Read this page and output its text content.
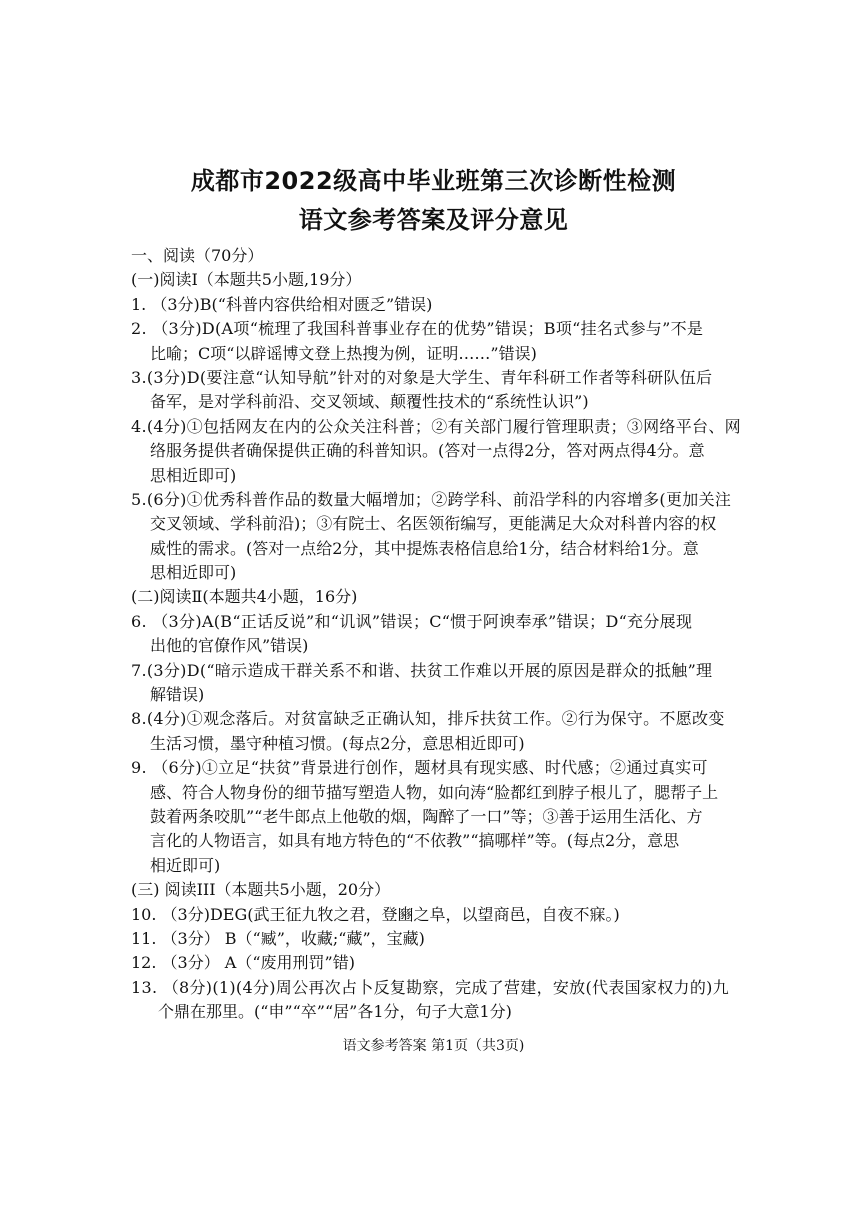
成都市2022级高中毕业班第三次诊断性检测
语文参考答案及评分意见
一、阅读（70分）
(一)阅读Ⅰ（本题共5小题,19分）
1. （3分)B(“科普内容供给相对匮乏”错误)
2. （3分)D(A项“梳理了我国科普事业存在的优势”错误；B项“挂名式参与”不是
比喻；C项“以辟谣博文登上热搜为例，证明……”错误)
3.(3分)D(要注意“认知导航”针对的对象是大学生、青年科研工作者等科研队伍后
备军，是对学科前沿、交叉领域、颠覆性技术的“系统性认识”)
4.(4分)①包括网友在内的公众关注科普；②有关部门履行管理职责；③网络平台、网
络服务提供者确保提供正确的科普知识。(答对一点得2分，答对两点得4分。意
思相近即可)
5.(6分)①优秀科普作品的数量大幅增加；②跨学科、前沿学科的内容增多(更加关注
交叉领域、学科前沿)；③有院士、名医领衔编写，更能满足大众对科普内容的权
威性的需求。(答对一点给2分，其中提炼表格信息给1分，结合材料给1分。意
思相近即可)
(二)阅读Ⅱ(本题共4小题，16分)
6. （3分)A(B“正话反说”和“讥讽”错误；C“惯于阿谀奉承”错误；D“充分展现
出他的官僚作风”错误)
7.(3分)D(“暗示造成干群关系不和谐、扶贫工作难以开展的原因是群众的抵触”理
解错误)
8.(4分)①观念落后。对贫富缺乏正确认知，排斥扶贫工作。②行为保守。不愿改变
生活习惯，墨守种植习惯。(每点2分，意思相近即可)
9. （6分)①立足“扶贫”背景进行创作，题材具有现实感、时代感；②通过真实可
感、符合人物身份的细节描写塑造人物，如向涛“脸都红到脖子根儿了，腮帮子上
鼓着两条咬肌”“老牛郎点上他敬的烟，陶醉了一口”等；③善于运用生活化、方
言化的人物语言，如具有地方特色的“不依教”“搞哪样”等。(每点2分，意思
相近即可)
(三) 阅读III（本题共5小题，20分）
10. （3分)DEG(武王征九牧之君，登豳之阜，以望商邑，自夜不寐。)
11. （3分） B（“臧”，收藏;“藏”，宝藏)
12. （3分） A（“废用刑罚”错)
13. （8分)(1)(4分)周公再次占卜反复勘察，完成了营建，安放(代表国家权力的)九
个鼎在那里。(“申”“卒”“居”各1分，句子大意1分)
语文参考答案 第1页（共3页)
